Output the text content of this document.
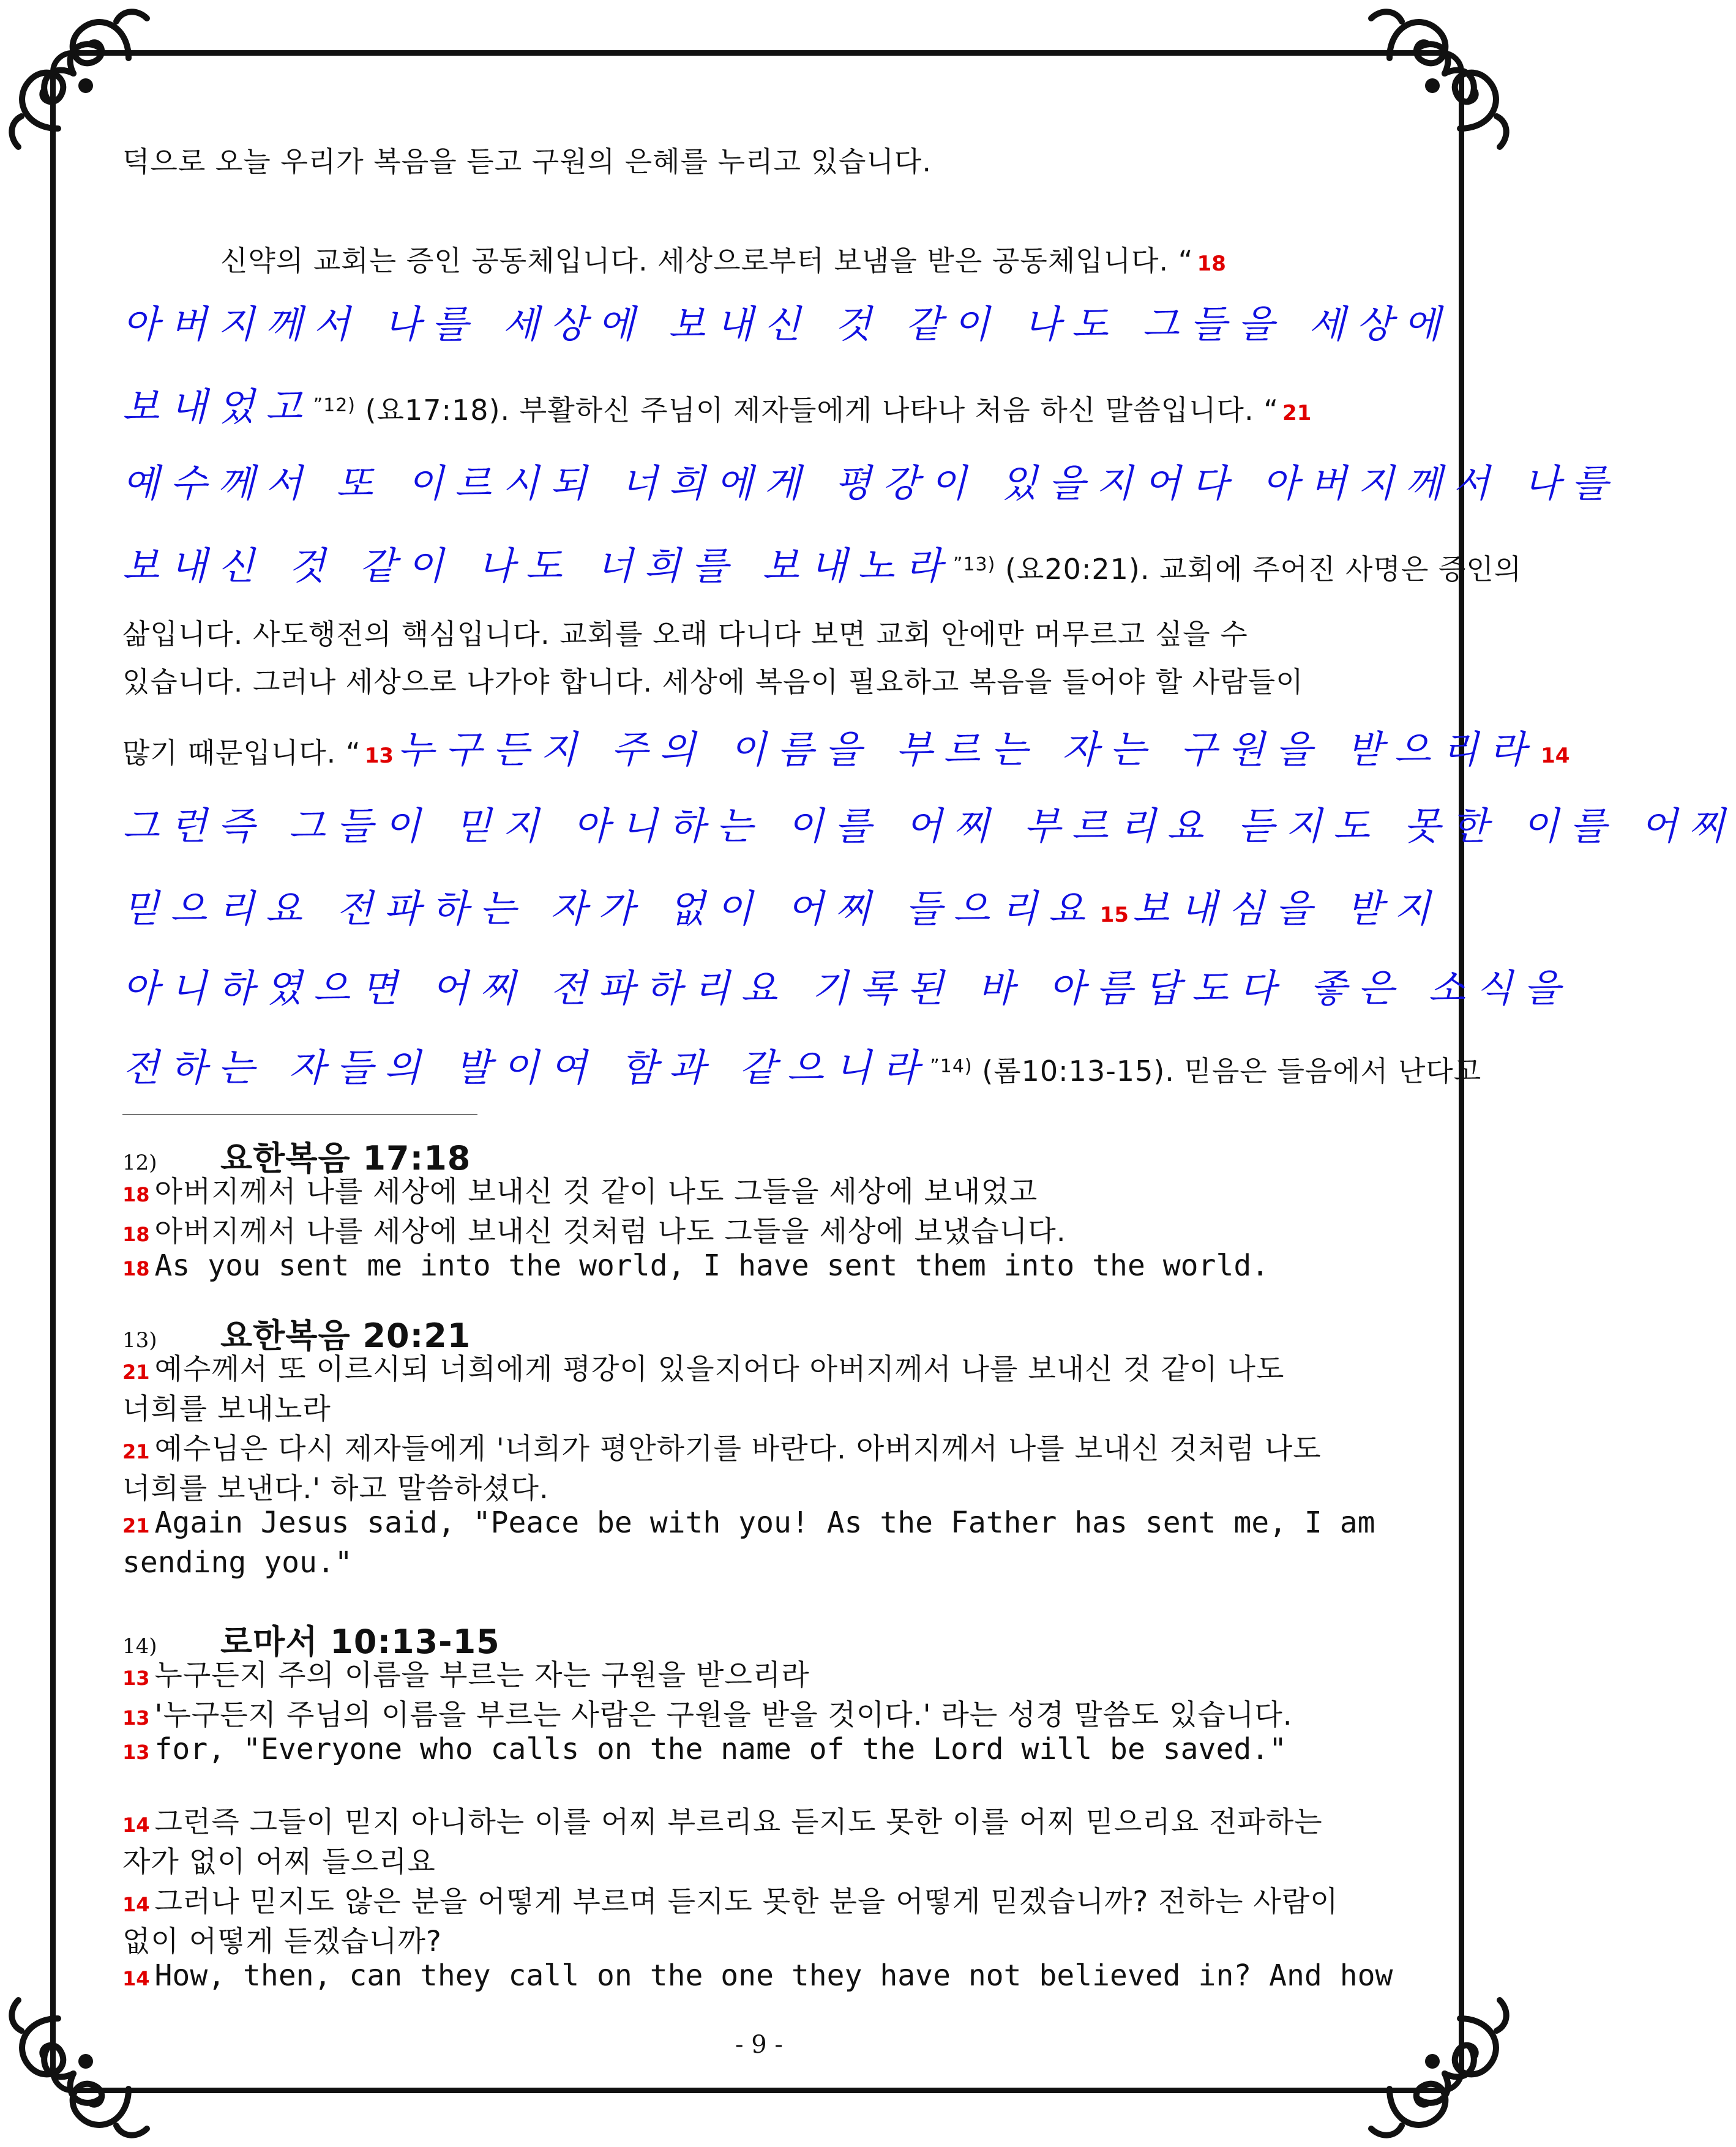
덕으로 오늘 우리가 복음을 듣고 구원의 은혜를 누리고 있습니다.
신약의 교회는 증인 공동체입니다. 세상으로부터 보냄을 받은 공동체입니다. “ 18
아버지께서 나를 세상에 보내신 것 같이 나도 그들을 세상에
보내었고$^{”12)}$ (요17:18). 부활하신 주님이 제자들에게 나타나 처음 하신 말씀입니다. “ 21
예수께서 또 이르시되 너희에게 평강이 있을지어다 아버지께서 나를
보내신 것 같이 나도 너희를 보내노라$^{”13)}$ (요20:21). 교회에 주어진 사명은 증인의
삶입니다. 사도행전의 핵심입니다. 교회를 오래 다니다 보면 교회 안에만 머무르고 싶을 수
있습니다. 그러나 세상으로 나가야 합니다. 세상에 복음이 필요하고 복음을 들어야 할 사람들이
많기 때문입니다. “ 13누구든지 주의 이름을 부르는 자는 구원을 받으리라 14
그런즉 그들이 믿지 아니하는 이를 어찌 부르리요 듣지도 못한 이를 어찌
믿으리요 전파하는 자가 없이 어찌 들으리요 15보내심을 받지
아니하였으면 어찌 전파하리요 기록된 바 아름답도다 좋은 소식을
전하는 자들의 발이여 함과 같으니라$^{”14)}$ (롬10:13-15). 믿음은 들음에서 난다고
12) 요한복음 17:18
18 아버지께서 나를 세상에 보내신 것 같이 나도 그들을 세상에 보내었고
18 아버지께서 나를 세상에 보내신 것처럼 나도 그들을 세상에 보냈습니다.
18 As you sent me into the world, I have sent them into the world.
13) 요한복음 20:21
21 예수께서 또 이르시되 너희에게 평강이 있을지어다 아버지께서 나를 보내신 것 같이 나도
너희를 보내노라
21 예수님은 다시 제자들에게 '너희가 평안하기를 바란다. 아버지께서 나를 보내신 것처럼 나도
너희를 보낸다.' 하고 말씀하셨다.
21 Again Jesus said, "Peace be with you! As the Father has sent me, I am
sending you."
14) 로마서 10:13-15
13 누구든지 주의 이름을 부르는 자는 구원을 받으리라
13 '누구든지 주님의 이름을 부르는 사람은 구원을 받을 것이다.' 라는 성경 말씀도 있습니다.
13 for, "Everyone who calls on the name of the Lord will be saved."
14 그런즉 그들이 믿지 아니하는 이를 어찌 부르리요 듣지도 못한 이를 어찌 믿으리요 전파하는
자가 없이 어찌 들으리요
14 그러나 믿지도 않은 분을 어떻게 부르며 듣지도 못한 분을 어떻게 믿겠습니까? 전하는 사람이
없이 어떻게 듣겠습니까?
14 How, then, can they call on the one they have not believed in? And how
- 9 -
